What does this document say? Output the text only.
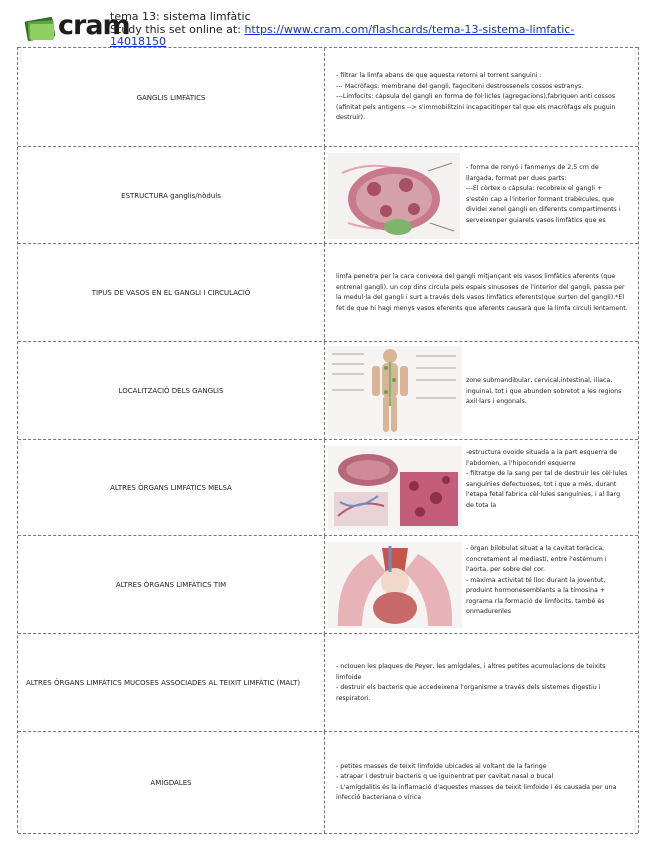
cram
tema 13: sistema limfàtic
Study this set online at: https://www.cram.com/flashcards/tema-13-sistema-limfatic-14018150
GANGLIS LIMFÀTICS
- filtrar la limfa abans de que aquesta retorni al torrent sanguini :
--- Macròfags: membrane del gangli, fagociteni destrossenels cossos estranys.
---Limfocits: càpsula del gangli en forma de fol·licles (agregacions),fabriquen anti cossos (afinitat pels antigens --> s'immobilitzini incapacitinper tal que els macròfags els puguin destruir).
ESTRUCTURA ganglis/nòduls
- forma de ronyó i fanmenys de 2,5 cm de llargada, format per dues parts:
---El còrtex o càpsula: recobreix el gangli + s'estén cap a l'interior formant trabècules, que dividei xenel gangli en diferents compartiments i serveixenper guiarels vasos limfàtics que es
TIPUS DE VASOS EN EL GANGLI I CIRCULACIÓ
limfa penetra per la cara convexa del gangli mitjançant els vasos limfàtics aferents (que entrenal gangli), un cop dins circula pels espais sinusoses de l'interior del gangli, passa per la medul·la del gangli i surt a través dels vasos limfàtics eferents(que surten del gangli).*El fet de que hi hagi menys vasos eferents que aferents causarà que la limfa circuli lentament.
LOCALITZACIÓ DELS GANGLIS
zone submandibular, cervical,intestinal, iliaca, inguinal, tot i que abunden sobretot a les regions axil·lars i engonals.
ALTRES ÒRGANS LIMFÀTICS MELSA
-estructura ovoide situada a la part esquerra de l'abdomen, a l'hipocondri esquerre
- filtratge de la sang per tal de destruir les cèl·lules sanguínies defectuoses, tot i que a més, durant l'etapa fetal fabrica cèl·lules sanguínies, i al llarg de tota la
ALTRES ÒRGANS LIMFÀTICS TIM
- òrgan bilobulat situat a la cavitat toràcica, concretament al mediastí, entre l'estèrnum i l'aorta, per sobre del cor.
- màxima activitat té lloc durant la joventut, produint hormonesemblants a la timosina + rograma rla formació de limfòcits, també és onmadurenles
ALTRES ÒRGANS LIMFÀTICS MUCOSES ASSOCIADES AL TEIXIT LIMFÀTIC (MALT)
- ncIouen les plaques de Peyer, les amígdales, i altres petites acumulacions de teixits limfoide
- destruir els bacteris que accedeixena l'organisme a través dels sistemes digestiu i respiratori.
AMÍGDALES
- petites masses de teixit limfoide ubicades al voltant de la faringe
- atrapar i destruir bacteris q ue iguinentrat per cavitat nasal o bucal
- L'amígdalitis és la inflamació d'aquestes masses de teixit limfoide i és causada per una infecció bacteriana o vírica
